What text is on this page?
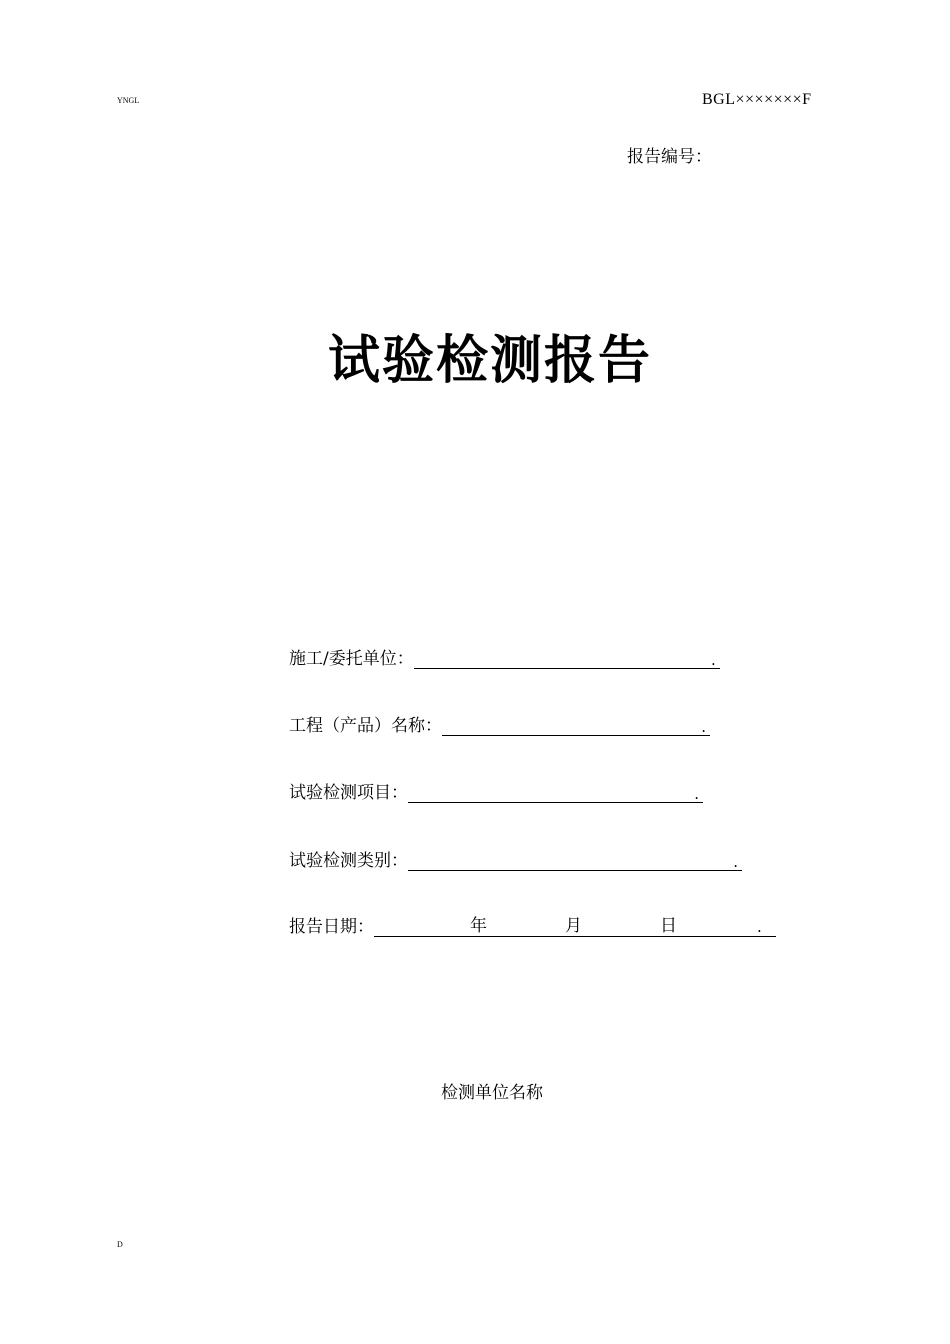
YNGL	BGL×××××××F
报告编号：
试验检测报告
施工/委托单位：	.
工程（产品）名称：	.
试验检测项目：	.
试验检测类别：	.
报告日期：	年	月	日	.
检测单位名称
D
